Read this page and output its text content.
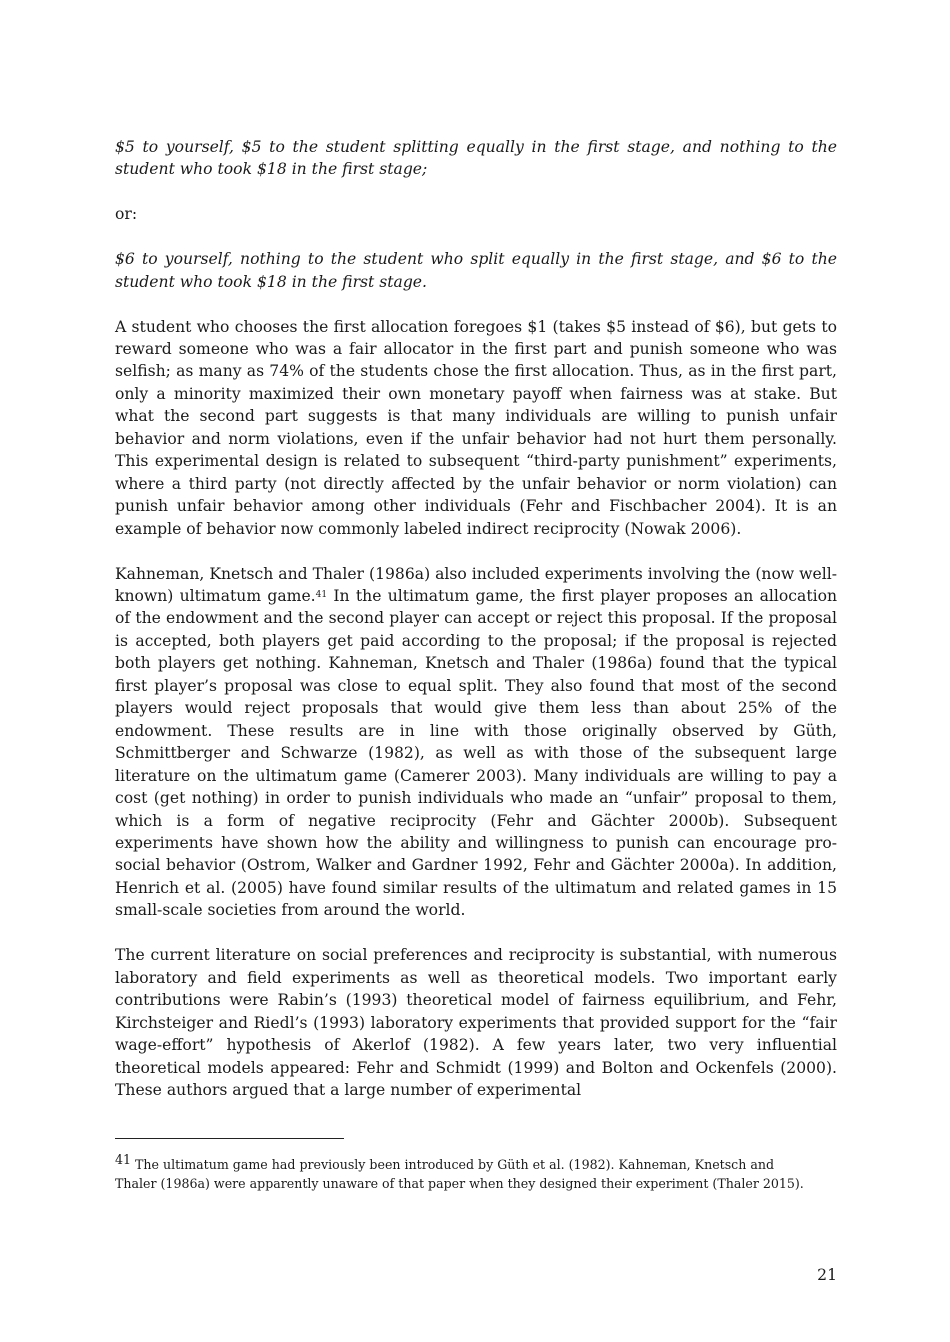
$5 to yourself, $5 to the student splitting equally in the first stage, and nothing to the student who took $18 in the first stage;

or:

$6 to yourself, nothing to the student who split equally in the first stage, and $6 to the student who took $18 in the first stage.

A student who chooses the first allocation foregoes $1 (takes $5 instead of $6), but gets to reward someone who was a fair allocator in the first part and punish someone who was selfish; as many as 74% of the students chose the first allocation. Thus, as in the first part, only a minority maximized their own monetary payoff when fairness was at stake. But what the second part suggests is that many individuals are willing to punish unfair behavior and norm violations, even if the unfair behavior had not hurt them personally. This experimental design is related to subsequent “third-party punishment” experiments, where a third party (not directly affected by the unfair behavior or norm violation) can punish unfair behavior among other individuals (Fehr and Fischbacher 2004). It is an example of behavior now commonly labeled indirect reciprocity (Nowak 2006).

Kahneman, Knetsch and Thaler (1986a) also included experiments involving the (now well-known) ultimatum game.$^{41}$ In the ultimatum game, the first player proposes an allocation of the endowment and the second player can accept or reject this proposal. If the proposal is accepted, both players get paid according to the proposal; if the proposal is rejected both players get nothing. Kahneman, Knetsch and Thaler (1986a) found that the typical first player’s proposal was close to equal split. They also found that most of the second players would reject proposals that would give them less than about 25% of the endowment. These results are in line with those originally observed by Güth, Schmittberger and Schwarze (1982), as well as with those of the subsequent large literature on the ultimatum game (Camerer 2003). Many individuals are willing to pay a cost (get nothing) in order to punish individuals who made an “unfair” proposal to them, which is a form of negative reciprocity (Fehr and Gächter 2000b). Subsequent experiments have shown how the ability and willingness to punish can encourage pro-social behavior (Ostrom, Walker and Gardner 1992, Fehr and Gächter 2000a). In addition, Henrich et al. (2005) have found similar results of the ultimatum and related games in 15 small-scale societies from around the world.

The current literature on social preferences and reciprocity is substantial, with numerous laboratory and field experiments as well as theoretical models. Two important early contributions were Rabin’s (1993) theoretical model of fairness equilibrium, and Fehr, Kirchsteiger and Riedl’s (1993) laboratory experiments that provided support for the “fair wage-effort” hypothesis of Akerlof (1982). A few years later, two very influential theoretical models appeared: Fehr and Schmidt (1999) and Bolton and Ockenfels (2000). These authors argued that a large number of experimental

$^{41}$ The ultimatum game had previously been introduced by Güth et al. (1982). Kahneman, Knetsch and Thaler (1986a) were apparently unaware of that paper when they designed their experiment (Thaler 2015).

21
